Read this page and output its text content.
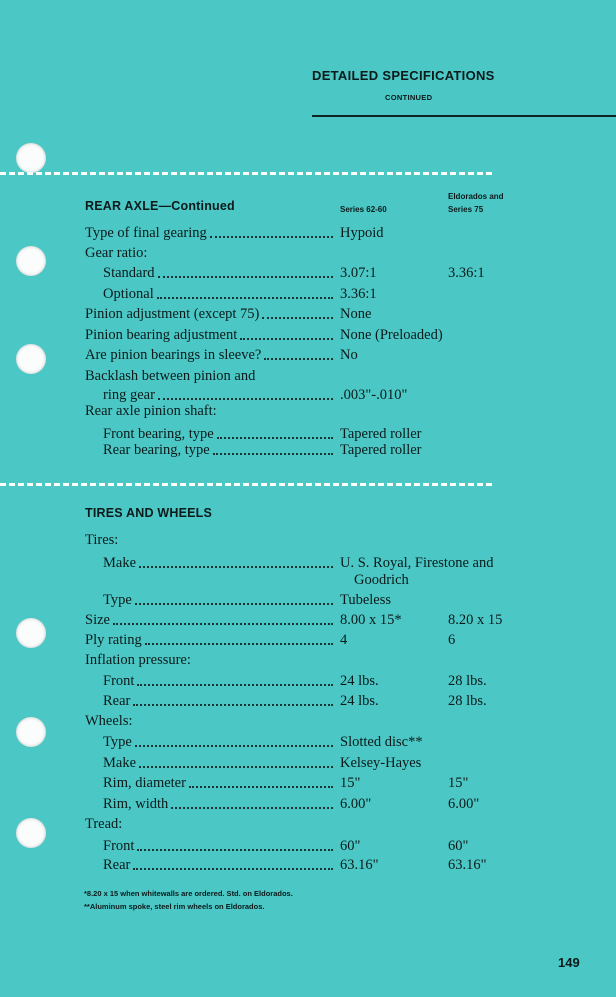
DETAILED SPECIFICATIONS
CONTINUED
REAR AXLE—Continued	Series 62-60
Eldorados and
Series 75
Type of final gearing	Hypoid
Gear ratio:
Standard	3.07:1	3.36:1
Optional	3.36:1
Pinion adjustment (except 75)	None
Pinion bearing adjustment	None (Preloaded)
Are pinion bearings in sleeve?	No
Backlash between pinion and
ring gear	.003"-.010"
Rear axle pinion shaft:
Front bearing, type	Tapered roller
Rear bearing, type	Tapered roller
TIRES AND WHEELS
Tires:
Make	U. S. Royal, Firestone and
Goodrich
Type	Tubeless
Size	8.00 x 15*	8.20 x 15
Ply rating	4	6
Inflation pressure:
Front	24 lbs.	28 lbs.
Rear	24 lbs.	28 lbs.
Wheels:
Type	Slotted disc**
Make	Kelsey-Hayes
Rim, diameter	15"	15"
Rim, width	6.00"	6.00"
Tread:
Front	60"	60"
Rear	63.16"	63.16"
*8.20 x 15 when whitewalls are ordered. Std. on Eldorados.
**Aluminum spoke, steel rim wheels on Eldorados.
149
